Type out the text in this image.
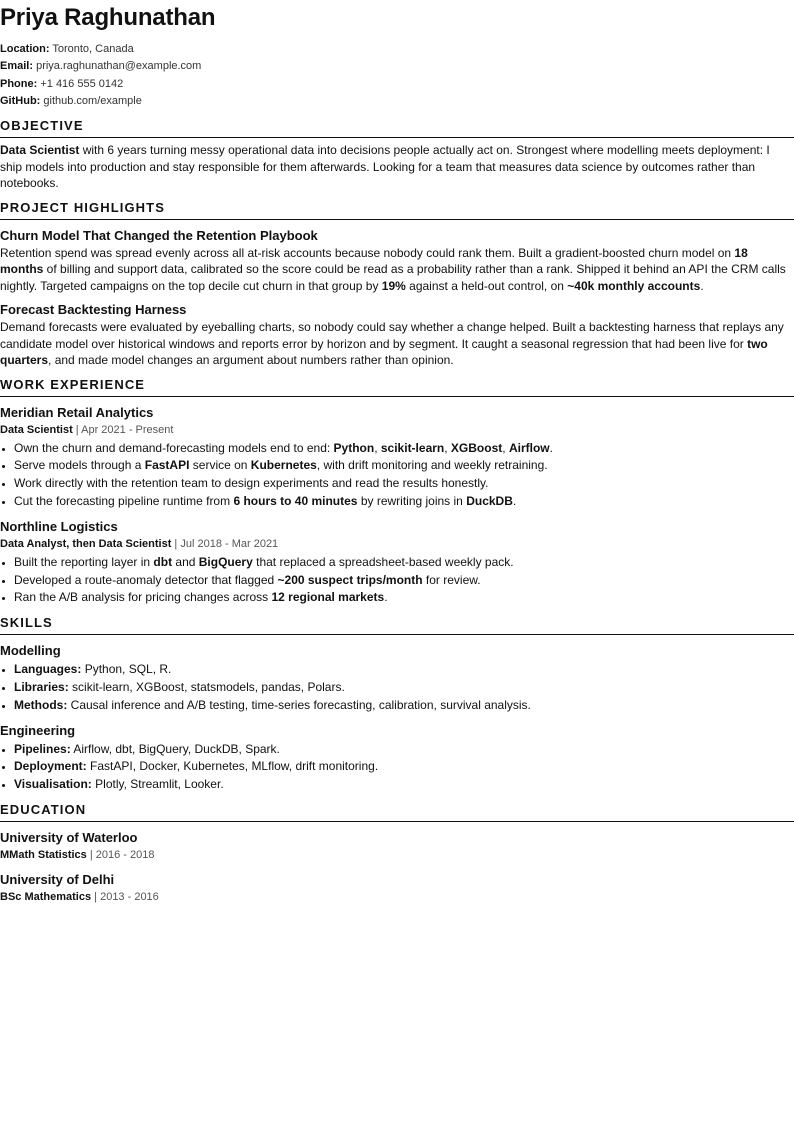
Priya Raghunathan
Location: Toronto, Canada
Email: priya.raghunathan@example.com
Phone: +1 416 555 0142
GitHub: github.com/example
OBJECTIVE

Data Scientist with 6 years turning messy operational data into decisions people actually act on. Strongest where modelling meets deployment: I ship models into production and stay responsible for them afterwards. Looking for a team that measures data science by outcomes rather than notebooks.

PROJECT HIGHLIGHTS
Churn Model That Changed the Retention Playbook

Retention spend was spread evenly across all at-risk accounts because nobody could rank them. Built a gradient-boosted churn model on 18 months of billing and support data, calibrated so the score could be read as a probability rather than a rank. Shipped it behind an API the CRM calls nightly. Targeted campaigns on the top decile cut churn in that group by 19% against a held-out control, on ~40k monthly accounts.

Forecast Backtesting Harness

Demand forecasts were evaluated by eyeballing charts, so nobody could say whether a change helped. Built a backtesting harness that replays any candidate model over historical windows and reports error by horizon and by segment. It caught a seasonal regression that had been live for two quarters, and made model changes an argument about numbers rather than opinion.

WORK EXPERIENCE
Meridian Retail Analytics
Data Scientist | Apr 2021 - Present
• Own the churn and demand-forecasting models end to end: Python, scikit-learn, XGBoost, Airflow.
• Serve models through a FastAPI service on Kubernetes, with drift monitoring and weekly retraining.
• Work directly with the retention team to design experiments and read the results honestly.
• Cut the forecasting pipeline runtime from 6 hours to 40 minutes by rewriting joins in DuckDB.
Northline Logistics
Data Analyst, then Data Scientist | Jul 2018 - Mar 2021
• Built the reporting layer in dbt and BigQuery that replaced a spreadsheet-based weekly pack.
• Developed a route-anomaly detector that flagged ~200 suspect trips/month for review.
• Ran the A/B analysis for pricing changes across 12 regional markets.
SKILLS
Modelling
• Languages: Python, SQL, R.
• Libraries: scikit-learn, XGBoost, statsmodels, pandas, Polars.
• Methods: Causal inference and A/B testing, time-series forecasting, calibration, survival analysis.
Engineering
• Pipelines: Airflow, dbt, BigQuery, DuckDB, Spark.
• Deployment: FastAPI, Docker, Kubernetes, MLflow, drift monitoring.
• Visualisation: Plotly, Streamlit, Looker.
EDUCATION
University of Waterloo
MMath Statistics | 2016 - 2018
University of Delhi
BSc Mathematics | 2013 - 2016
